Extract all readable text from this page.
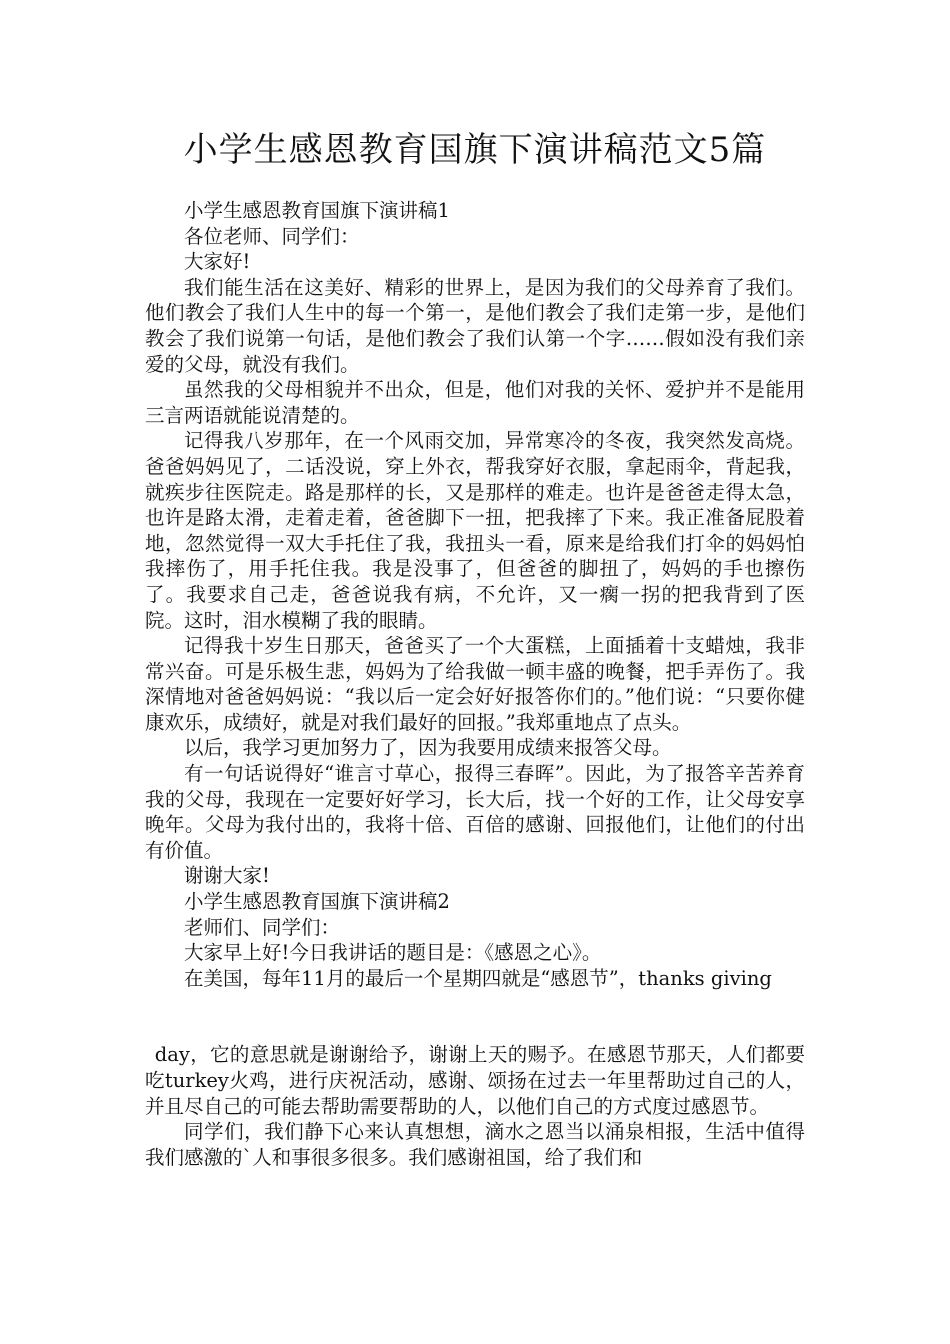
小学生感恩教育国旗下演讲稿范文5篇

小学生感恩教育国旗下演讲稿1

各位老师、同学们：

大家好!

我们能生活在这美好、精彩的世界上，是因为我们的父母养育了我们。他们教会了我们人生中的每一个第一，是他们教会了我们走第一步，是他们教会了我们说第一句话，是他们教会了我们认第一个字……假如没有我们亲爱的父母，就没有我们。

虽然我的父母相貌并不出众，但是，他们对我的关怀、爱护并不是能用三言两语就能说清楚的。

记得我八岁那年，在一个风雨交加，异常寒冷的冬夜，我突然发高烧。爸爸妈妈见了，二话没说，穿上外衣，帮我穿好衣服，拿起雨伞，背起我，就疾步往医院走。路是那样的长，又是那样的难走。也许是爸爸走得太急，也许是路太滑，走着走着，爸爸脚下一扭，把我摔了下来。我正准备屁股着地，忽然觉得一双大手托住了我，我扭头一看，原来是给我们打伞的妈妈怕我摔伤了，用手托住我。我是没事了，但爸爸的脚扭了，妈妈的手也擦伤了。我要求自己走，爸爸说我有病，不允许，又一瘸一拐的把我背到了医院。这时，泪水模糊了我的眼睛。

记得我十岁生日那天，爸爸买了一个大蛋糕，上面插着十支蜡烛，我非常兴奋。可是乐极生悲，妈妈为了给我做一顿丰盛的晚餐，把手弄伤了。我深情地对爸爸妈妈说：“我以后一定会好好报答你们的。”他们说：“只要你健康欢乐，成绩好，就是对我们最好的回报。”我郑重地点了点头。

以后，我学习更加努力了，因为我要用成绩来报答父母。

有一句话说得好“谁言寸草心，报得三春晖”。因此，为了报答辛苦养育我的父母，我现在一定要好好学习，长大后，找一个好的工作，让父母安享晚年。父母为我付出的，我将十倍、百倍的感谢、回报他们，让他们的付出有价值。

谢谢大家!

小学生感恩教育国旗下演讲稿2

老师们、同学们：

大家早上好!今日我讲话的题目是：《感恩之心》。

在美国，每年11月的最后一个星期四就是“感恩节”，thanks giving

day，它的意思就是谢谢给予，谢谢上天的赐予。在感恩节那天，人们都要吃turkey火鸡，进行庆祝活动，感谢、颂扬在过去一年里帮助过自己的人，并且尽自己的可能去帮助需要帮助的人，以他们自己的方式度过感恩节。

同学们，我们静下心来认真想想，滴水之恩当以涌泉相报，生活中值得我们感激的`人和事很多很多。我们感谢祖国，给了我们和
